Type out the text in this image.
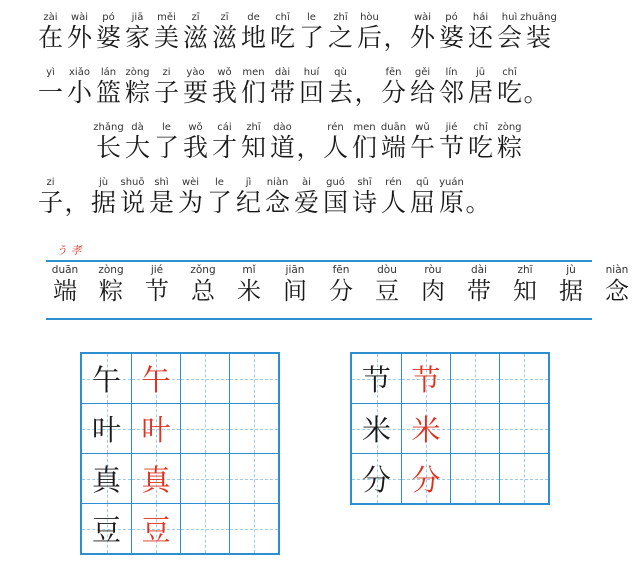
zài
在
wài
外
pó
婆
jiā
家
měi
美
zī
滋
zī
滋
de
地
chī
吃
le
了
zhī
之
hòu
后 ，
wài
外
pó
婆
hái
还
huì
会
zhuāng
装
yì
一
xiǎo
小
lán
篮
zòng
粽
zi
子
yào
要
wǒ
我
men
们
dài
带
huí
回
qù
去 ，
fēn
分
gěi
给
lín
邻
jū
居
chī
吃 。
zhǎng
长
dà
大
le
了
wǒ
我
cái
才
zhī
知
dào
道 ，
rén
人
men
们
duān
端
wǔ
午
jié
节
chī
吃
zòng
粽
zi
子 ，
jù
据
shuō
说
shì
是
wèi
为
le
了
jì
纪
niàn
念
ài
爱
guó
国
shī
诗
rén
人
qū
屈
yuán
原 。
う 孝
duān
端
zòng
粽
jié
节
zǒng
总
mǐ
米
jiān
间
fēn
分
dòu
豆
ròu
肉
dài
带
zhī
知
jù
据
niàn
念
午 午
叶 叶
真 真
豆 豆
节 节
米 米
分 分
